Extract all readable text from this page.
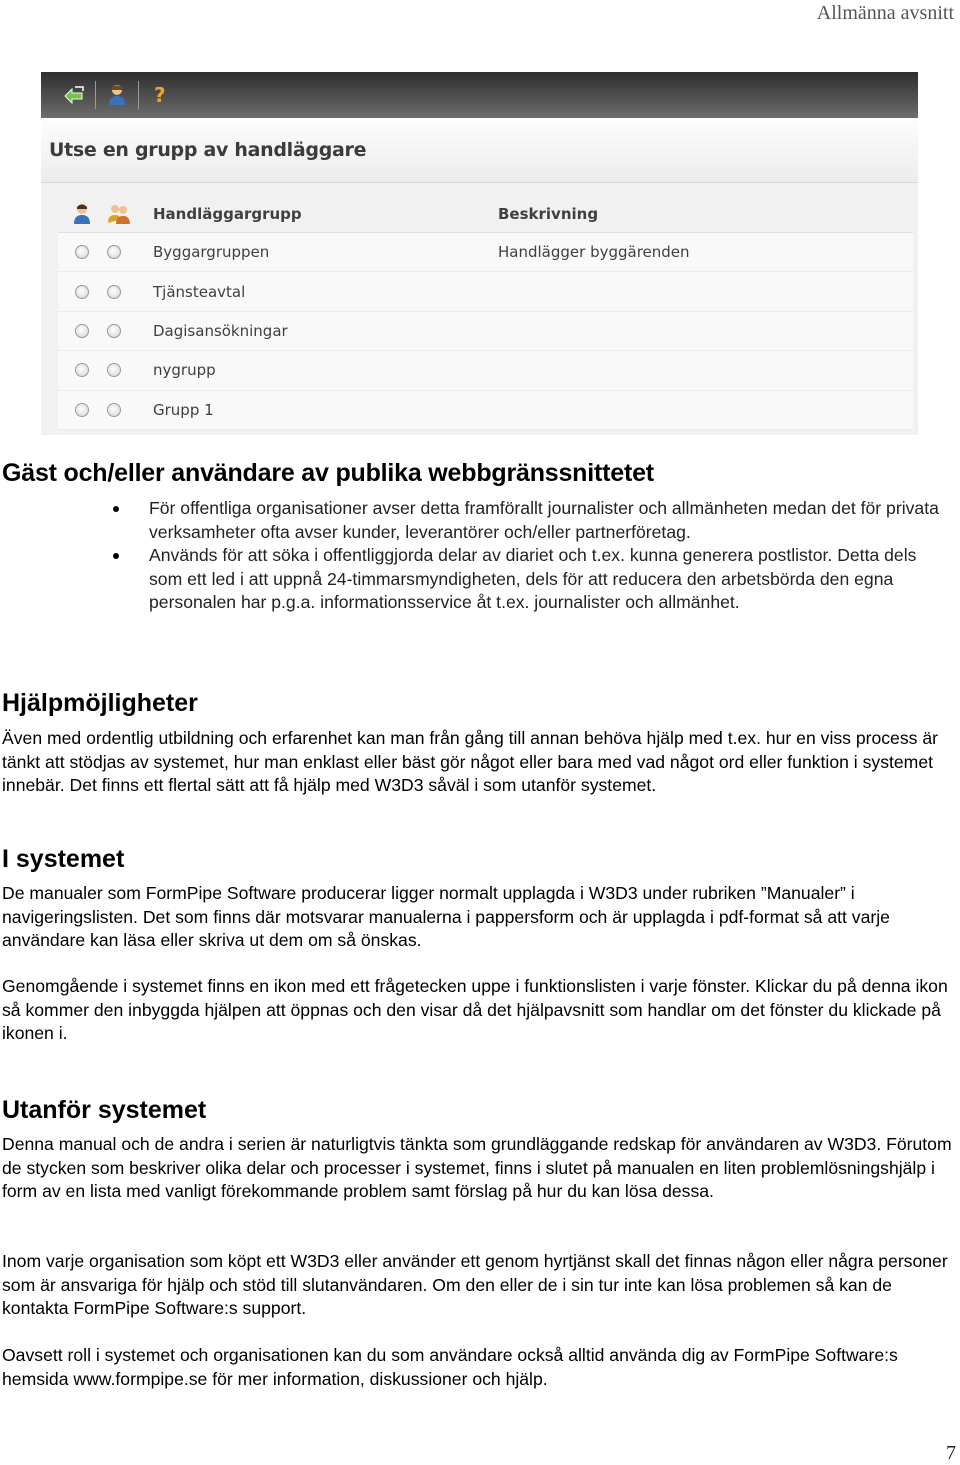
Allmänna avsnitt
?
Utse en grupp av handläggare
Handläggargrupp	Beskrivning
Byggargruppen	Handlägger byggärenden
Tjänsteavtal
Dagisansökningar
nygrupp
Grupp 1
Gäst och/eller användare av publika webbgränssnittetet
För offentliga organisationer avser detta framförallt journalister och allmänheten medan det för privata verksamheter ofta avser kunder, leverantörer och/eller partnerföretag.
Används för att söka i offentliggjorda delar av diariet och t.ex. kunna generera postlistor. Detta dels som ett led i att uppnå 24-timmarsmyndigheten, dels för att reducera den arbetsbörda den egna personalen har p.g.a. informationsservice åt t.ex. journalister och allmänhet.
Hjälpmöjligheter

Även med ordentlig utbildning och erfarenhet kan man från gång till annan behöva hjälp med t.ex. hur en viss process är tänkt att stödjas av systemet, hur man enklast eller bäst gör något eller bara med vad något ord eller funktion i systemet innebär. Det finns ett flertal sätt att få hjälp med W3D3 såväl i som utanför systemet.

I systemet

De manualer som FormPipe Software producerar ligger normalt upplagda i W3D3 under rubriken ”Manualer” i navigeringslisten. Det som finns där motsvarar manualerna i pappersform och är upplagda i pdf-format så att varje användare kan läsa eller skriva ut dem om så önskas.

Genomgående i systemet finns en ikon med ett frågetecken uppe i funktionslisten i varje fönster. Klickar du på denna ikon så kommer den inbyggda hjälpen att öppnas och den visar då det hjälpavsnitt som handlar om det fönster du klickade på ikonen i.

Utanför systemet

Denna manual och de andra i serien är naturligtvis tänkta som grundläggande redskap för användaren av W3D3. Förutom de stycken som beskriver olika delar och processer i systemet, finns i slutet på manualen en liten problemlösningshjälp i form av en lista med vanligt förekommande problem samt förslag på hur du kan lösa dessa.

Inom varje organisation som köpt ett W3D3 eller använder ett genom hyrtjänst skall det finnas någon eller några personer som är ansvariga för hjälp och stöd till slutanvändaren. Om den eller de i sin tur inte kan lösa problemen så kan de kontakta FormPipe Software:s support.

Oavsett roll i systemet och organisationen kan du som användare också alltid använda dig av FormPipe Software:s hemsida www.formpipe.se för mer information, diskussioner och hjälp.

7
